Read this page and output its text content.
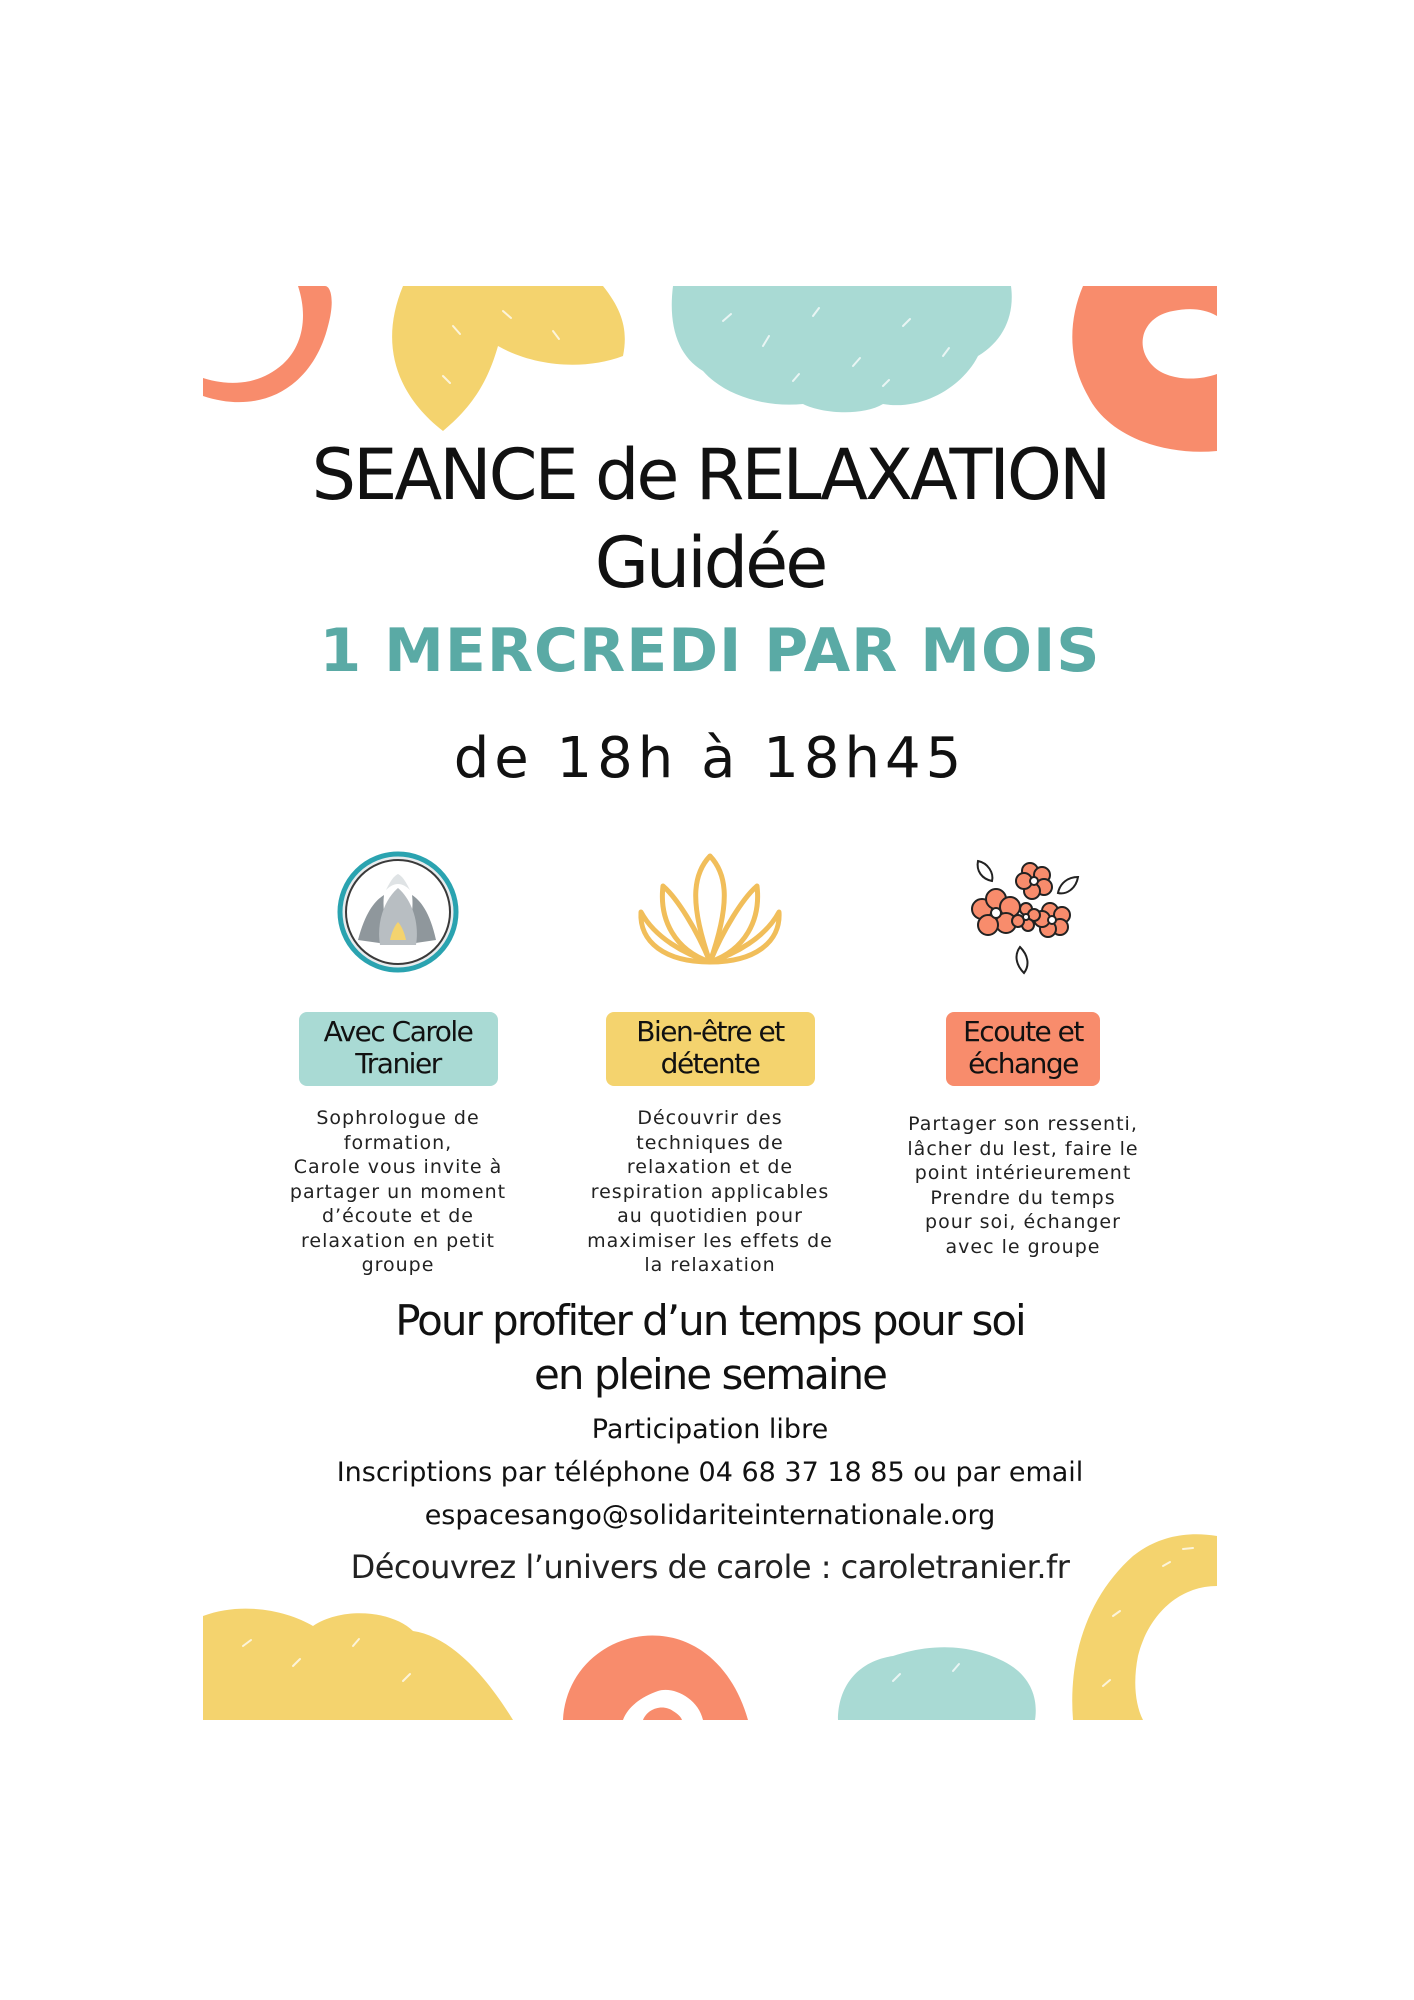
SEANCE de RELAXATION
Guidée
1 MERCREDI PAR MOIS
de 18h à 18h45
Avec Carole
Tranier
Sophrologue de
formation,
Carole vous invite à
partager un moment
d’écoute et de
relaxation en petit
groupe
Bien-être et
détente
Découvrir des
techniques de
relaxation et de
respiration applicables
au quotidien pour
maximiser les effets de
la relaxation
Ecoute et
échange
Partager son ressenti,
lâcher du lest, faire le
point intérieurement
Prendre du temps
pour soi, échanger
avec le groupe
Pour profiter d’un temps pour soi
en pleine semaine
Participation libre
Inscriptions par téléphone 04 68 37 18 85 ou par email
espacesango@solidariteinternationale.org
Découvrez l’univers de carole : caroletranier.fr
